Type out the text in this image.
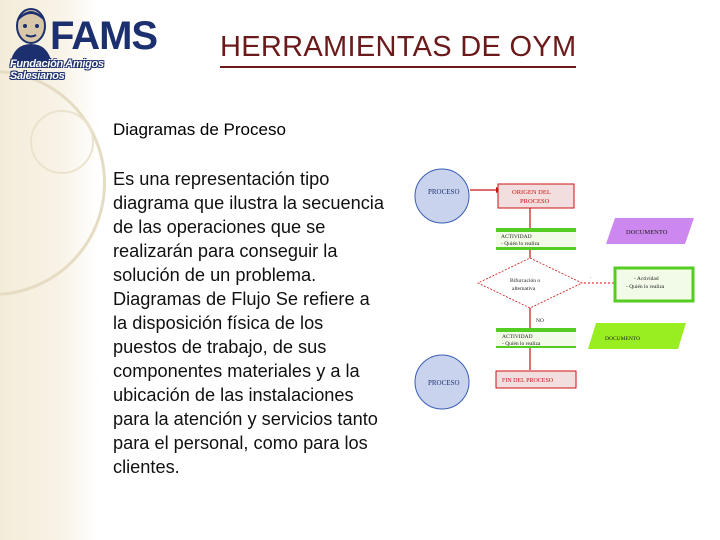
FAMS
Fundación Amigos Salesianos
HERRAMIENTAS DE OYM
Diagramas de Proceso
Es una representación tipo diagrama que ilustra la secuencia de las operaciones que se realizarán para conseguir la solución de un problema. Diagramas de Flujo Se refiere a la disposición física de los puestos de trabajo, de sus componentes materiales y a la ubicación de las instalaciones para la atención y servicios tanto para el personal, como para los clientes.
PROCESO	ORIGEN DEL
PROCESO
ACTIVIDAD
- Quién lo realiza
DOCUMENTO
Bifurcación o
alternativa
.	- Actividad
- Quién lo realiza
NO
ACTIVIDAD
- Quién lo realiza
DOCUMENTO
PROCESO	FIN DEL PROCESO
